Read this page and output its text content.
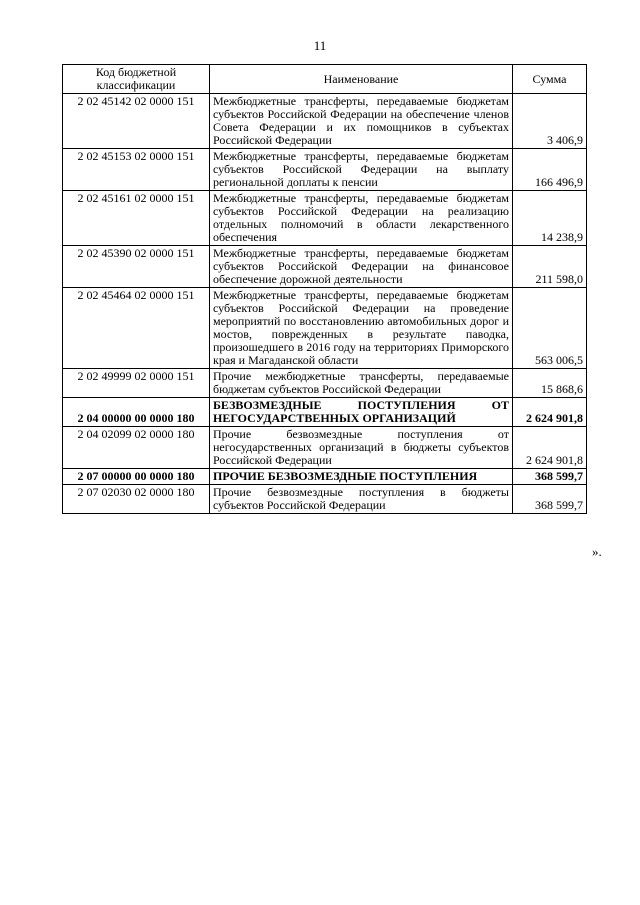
11
Код бюджетной классификации	Наименование	Сумма
2 02 45142 02 0000 151	Межбюджетные трансферты, передаваемые бюджетам субъектов Российской Федерации на обеспечение членов Совета Федерации и их помощников в субъектах Российской Федерации	3 406,9
2 02 45153 02 0000 151	Межбюджетные трансферты, передаваемые бюджетам субъектов Российской Федерации на выплату региональной доплаты к пенсии	166 496,9
2 02 45161 02 0000 151	Межбюджетные трансферты, передаваемые бюджетам субъектов Российской Федерации на реализацию отдельных полномочий в области лекарственного обеспечения	14 238,9
2 02 45390 02 0000 151	Межбюджетные трансферты, передаваемые бюджетам субъектов Российской Федерации на финансовое обеспечение дорожной деятельности	211 598,0
2 02 45464 02 0000 151	Межбюджетные трансферты, передаваемые бюджетам субъектов Российской Федерации на проведение мероприятий по восстановлению автомобильных дорог и мостов, поврежденных в результате паводка, произошедшего в 2016 году на территориях Приморского края и Магаданской области	563 006,5
2 02 49999 02 0000 151	Прочие межбюджетные трансферты, передаваемые бюджетам субъектов Российской Федерации	15 868,6
2 04 00000 00 0000 180	БЕЗВОЗМЕЗДНЫЕ ПОСТУПЛЕНИЯ ОТ НЕГОСУДАРСТВЕННЫХ ОРГАНИЗАЦИЙ	2 624 901,8
2 04 02099 02 0000 180	Прочие безвозмездные поступления от негосударственных организаций в бюджеты субъектов Российской Федерации	2 624 901,8
2 07 00000 00 0000 180	ПРОЧИЕ БЕЗВОЗМЕЗДНЫЕ ПОСТУПЛЕНИЯ	368 599,7
2 07 02030 02 0000 180	Прочие безвозмездные поступления в бюджеты субъектов Российской Федерации	368 599,7
».
